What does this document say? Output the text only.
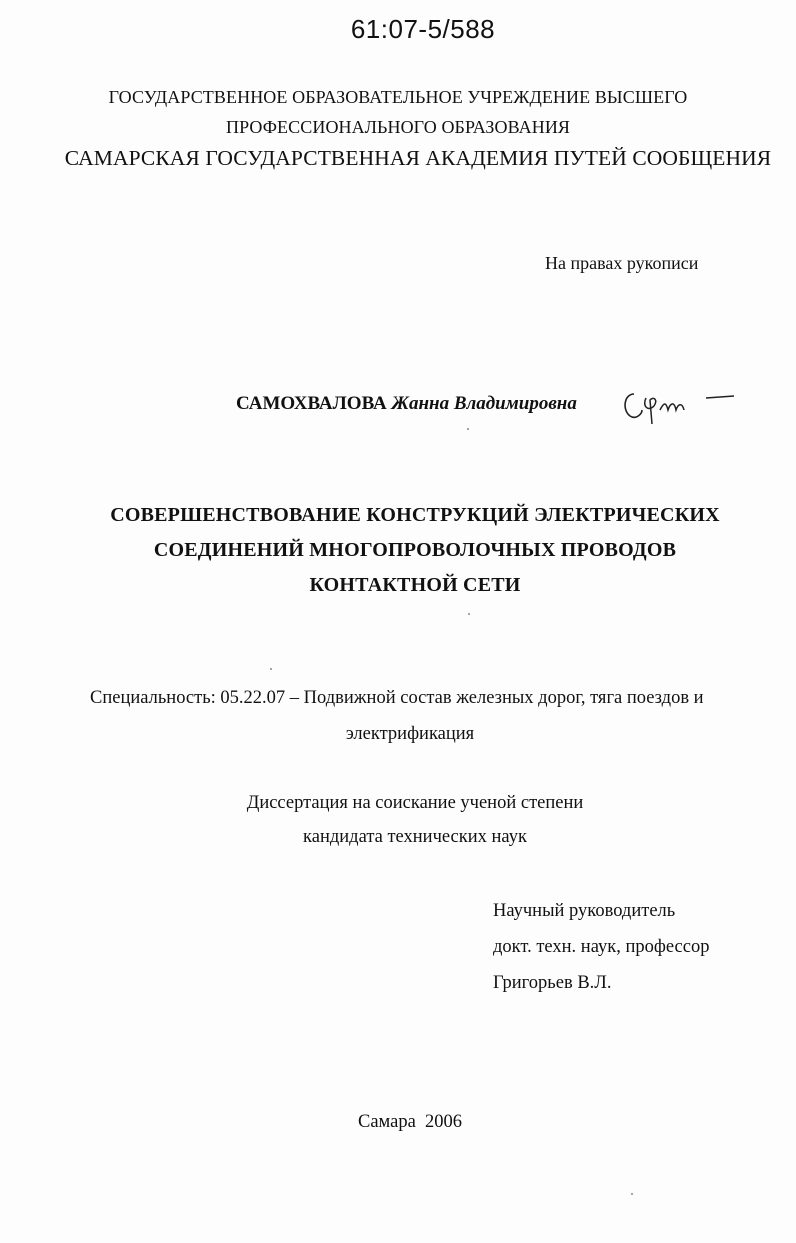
61:07-5/588
ГОСУДАРСТВЕННОЕ ОБРАЗОВАТЕЛЬНОЕ УЧРЕЖДЕНИЕ ВЫСШЕГО
ПРОФЕССИОНАЛЬНОГО ОБРАЗОВАНИЯ
САМАРСКАЯ ГОСУДАРСТВЕННАЯ АКАДЕМИЯ ПУТЕЙ СООБЩЕНИЯ
На правах рукописи
САМОХВАЛОВА Жанна Владимировна
СОВЕРШЕНСТВОВАНИЕ КОНСТРУКЦИЙ ЭЛЕКТРИЧЕСКИХ
СОЕДИНЕНИЙ МНОГОПРОВОЛОЧНЫХ ПРОВОДОВ
КОНТАКТНОЙ СЕТИ
Специальность: 05.22.07 – Подвижной состав железных дорог, тяга поездов и
электрификация
Диссертация на соискание ученой степени
кандидата технических наук
Научный руководитель
докт. техн. наук, профессор
Григорьев В.Л.
Самара  2006
